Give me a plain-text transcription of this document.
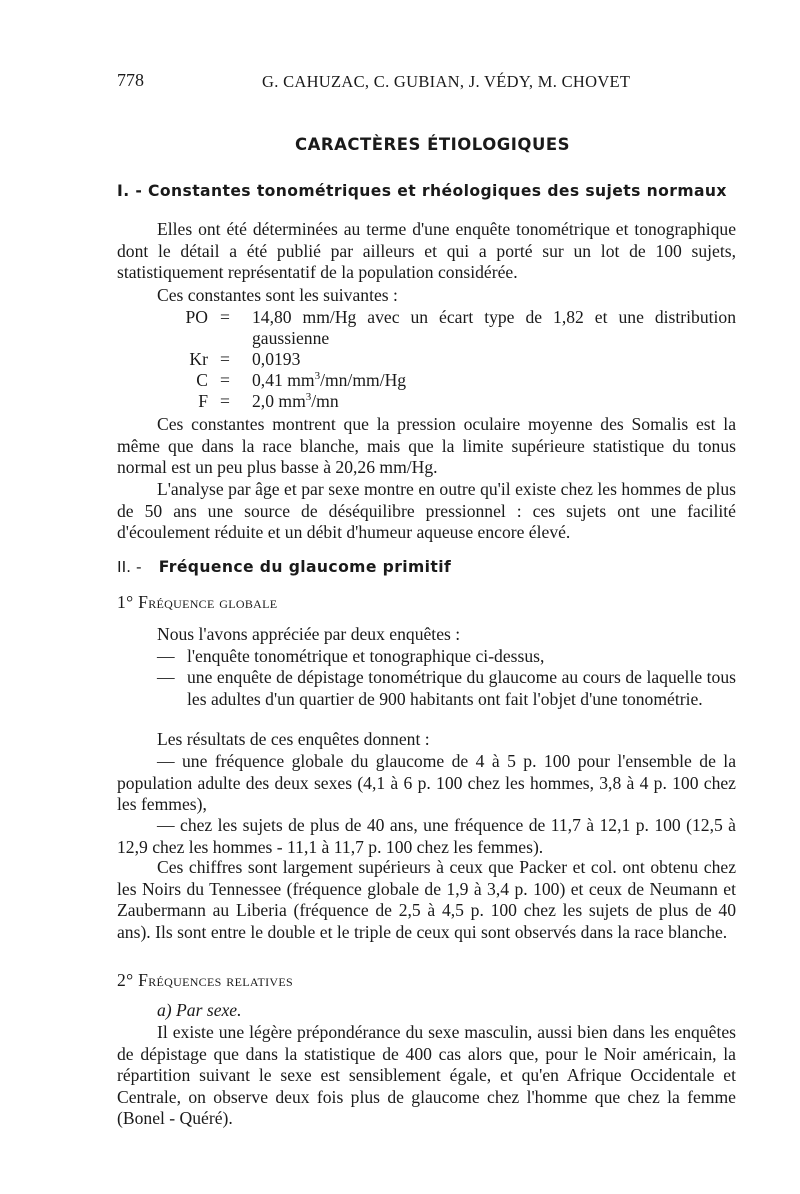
778	G. CAHUZAC, C. GUBIAN, J. VÉDY, M. CHOVET
CARACTÈRES ÉTIOLOGIQUES
I. - Constantes tonométriques et rhéologiques des sujets normaux

Elles ont été déterminées au terme d'une enquête tonométrique et tonographique dont le détail a été publié par ailleurs et qui a porté sur un lot de 100 sujets, statistiquement représentatif de la population considérée.

Ces constantes sont les suivantes :

PO = 14,80 mm/Hg avec un écart type de 1,82 et une distribution
gaussienne
Kr = 0,0193
C = 0,41 $mm^3/mn/mm/Hg$
F = 2,0 $mm^3/mn$

Ces constantes montrent que la pression oculaire moyenne des Somalis est la même que dans la race blanche, mais que la limite supérieure statistique du tonus normal est un peu plus basse à 20,26 mm/Hg.

L'analyse par âge et par sexe montre en outre qu'il existe chez les hommes de plus de 50 ans une source de déséquilibre pressionnel : ces sujets ont une facilité d'écoulement réduite et un débit d'humeur aqueuse encore élevé.

II. - Fréquence du glaucome primitif
1° Fréquence globale

Nous l'avons appréciée par deux enquêtes :

— l'enquête tonométrique et tonographique ci-dessus,

— une enquête de dépistage tonométrique du glaucome au cours de laquelle tous les adultes d'un quartier de 900 habitants ont fait l'objet d'une tonométrie.

Les résultats de ces enquêtes donnent :

— une fréquence globale du glaucome de 4 à 5 p. 100 pour l'ensemble de la population adulte des deux sexes (4,1 à 6 p. 100 chez les hommes, 3,8 à 4 p. 100 chez les femmes),

— chez les sujets de plus de 40 ans, une fréquence de 11,7 à 12,1 p. 100 (12,5 à 12,9 chez les hommes - 11,1 à 11,7 p. 100 chez les femmes).

Ces chiffres sont largement supérieurs à ceux que Packer et col. ont obtenu chez les Noirs du Tennessee (fréquence globale de 1,9 à 3,4 p. 100) et ceux de Neumann et Zaubermann au Liberia (fréquence de 2,5 à 4,5 p. 100 chez les sujets de plus de 40 ans). Ils sont entre le double et le triple de ceux qui sont observés dans la race blanche.

2° Fréquences relatives
a) Par sexe.

Il existe une légère prépondérance du sexe masculin, aussi bien dans les enquêtes de dépistage que dans la statistique de 400 cas alors que, pour le Noir américain, la répartition suivant le sexe est sensiblement égale, et qu'en Afrique Occidentale et Centrale, on observe deux fois plus de glaucome chez l'homme que chez la femme (Bonel - Quéré).
